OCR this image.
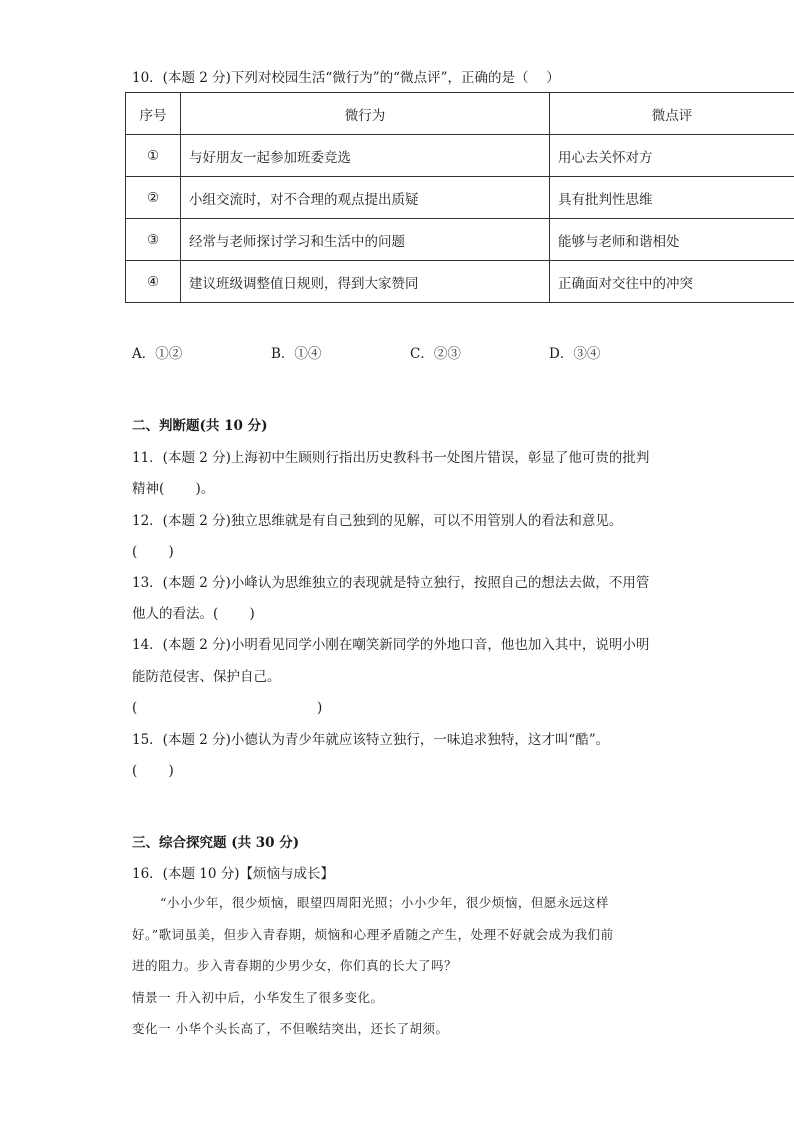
10．(本题 2 分)下列对校园生活“微行为”的“微点评”，正确的是（　 ）
序号	微行为	微点评
①	与好朋友一起参加班委竞选	用心去关怀对方
②	小组交流时，对不合理的观点提出质疑	具有批判性思维
③	经常与老师探讨学习和生活中的问题	能够与老师和谐相处
④	建议班级调整值日规则，得到大家赞同	正确面对交往中的冲突
A．①②	B．①④	C．②③	D．③④
二、判断题(共 10 分)
11．(本题 2 分)上海初中生顾则行指出历史教科书一处图片错误，彰显了他可贵的批判
精神(　　 )。
12．(本题 2 分)独立思维就是有自己独到的见解，可以不用管别人的看法和意见。
(　　 )
13．(本题 2 分)小峰认为思维独立的表现就是特立独行，按照自己的想法去做，不用管
他人的看法。(　　 )
14．(本题 2 分)小明看见同学小刚在嘲笑新同学的外地口音，他也加入其中，说明小明
能防范侵害、保护自己。
(　　　　　　　　　　　　　 )
15．(本题 2 分)小德认为青少年就应该特立独行，一味追求独特，这才叫“酷”。
(　　 )
三、综合探究题 (共 30 分)
16．(本题 10 分)【烦恼与成长】
“小小少年，很少烦恼，眼望四周阳光照；小小少年，很少烦恼，但愿永远这样
好。”歌词虽美，但步入青春期，烦恼和心理矛盾随之产生，处理不好就会成为我们前
进的阻力。步入青春期的少男少女，你们真的长大了吗？
情景一 升入初中后，小华发生了很多变化。
变化一 小华个头长高了，不但喉结突出，还长了胡须。
